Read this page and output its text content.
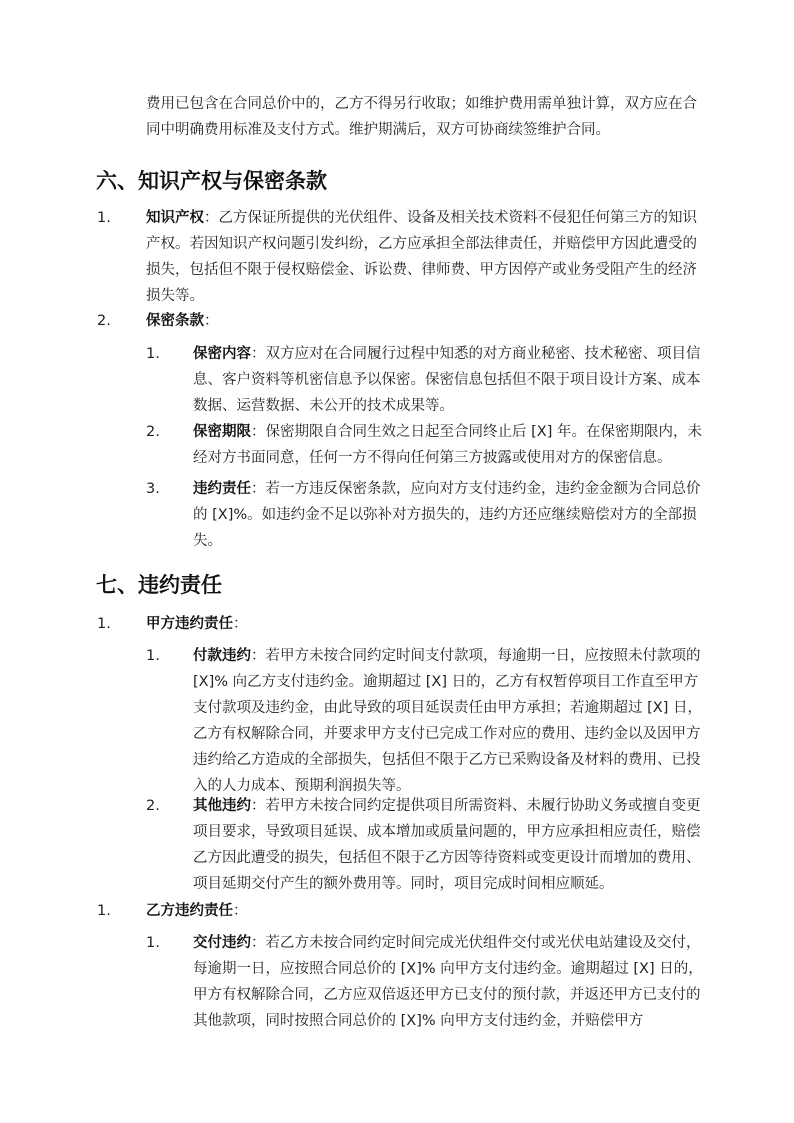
费用已包含在合同总价中的，乙方不得另行收取；如维护费用需单独计算，双方应在合同中明确费用标准及支付方式。维护期满后，双方可协商续签维护合同。
六、知识产权与保密条款
1. 知识产权：乙方保证所提供的光伏组件、设备及相关技术资料不侵犯任何第三方的知识产权。若因知识产权问题引发纠纷，乙方应承担全部法律责任，并赔偿甲方因此遭受的损失，包括但不限于侵权赔偿金、诉讼费、律师费、甲方因停产或业务受阻产生的经济损失等。
2. 保密条款：
1. 保密内容：双方应对在合同履行过程中知悉的对方商业秘密、技术秘密、项目信息、客户资料等机密信息予以保密。保密信息包括但不限于项目设计方案、成本数据、运营数据、未公开的技术成果等。
2. 保密期限：保密期限自合同生效之日起至合同终止后 [X] 年。在保密期限内，未经对方书面同意，任何一方不得向任何第三方披露或使用对方的保密信息。
3. 违约责任：若一方违反保密条款，应向对方支付违约金，违约金金额为合同总价的 [X]%。如违约金不足以弥补对方损失的，违约方还应继续赔偿对方的全部损失。
七、违约责任
1. 甲方违约责任：
1. 付款违约：若甲方未按合同约定时间支付款项，每逾期一日，应按照未付款项的 [X]% 向乙方支付违约金。逾期超过 [X] 日的，乙方有权暂停项目工作直至甲方支付款项及违约金，由此导致的项目延误责任由甲方承担；若逾期超过 [X] 日，乙方有权解除合同，并要求甲方支付已完成工作对应的费用、违约金以及因甲方违约给乙方造成的全部损失，包括但不限于乙方已采购设备及材料的费用、已投入的人力成本、预期利润损失等。
2. 其他违约：若甲方未按合同约定提供项目所需资料、未履行协助义务或擅自变更项目要求，导致项目延误、成本增加或质量问题的，甲方应承担相应责任，赔偿乙方因此遭受的损失，包括但不限于乙方因等待资料或变更设计而增加的费用、项目延期交付产生的额外费用等。同时，项目完成时间相应顺延。
1. 乙方违约责任：
1. 交付违约：若乙方未按合同约定时间完成光伏组件交付或光伏电站建设及交付，每逾期一日，应按照合同总价的 [X]% 向甲方支付违约金。逾期超过 [X] 日的，甲方有权解除合同，乙方应双倍返还甲方已支付的预付款，并返还甲方已支付的其他款项，同时按照合同总价的 [X]% 向甲方支付违约金，并赔偿甲方
